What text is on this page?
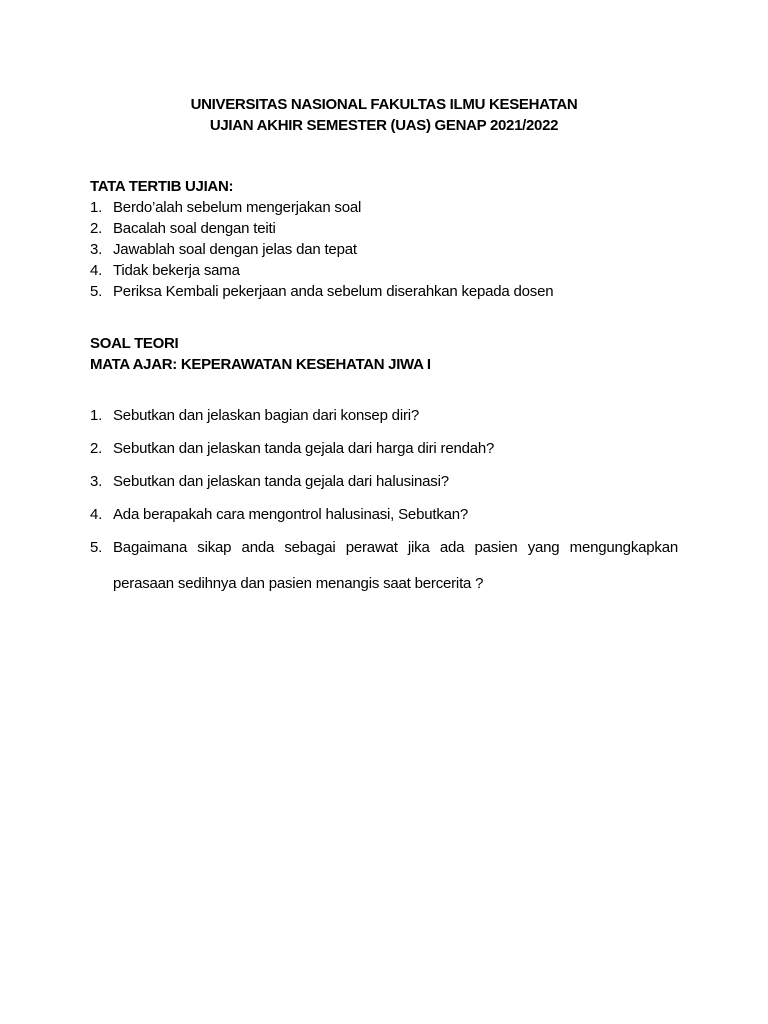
UNIVERSITAS NASIONAL FAKULTAS ILMU KESEHATAN
UJIAN AKHIR SEMESTER (UAS) GENAP 2021/2022
TATA TERTIB UJIAN:
1. Berdo’alah sebelum mengerjakan soal
2. Bacalah soal dengan teiti
3. Jawablah soal dengan jelas dan tepat
4. Tidak bekerja sama
5. Periksa Kembali pekerjaan anda sebelum diserahkan kepada dosen
SOAL TEORI
MATA AJAR: KEPERAWATAN KESEHATAN JIWA I
1. Sebutkan dan jelaskan bagian dari konsep diri?
2. Sebutkan dan jelaskan tanda gejala dari harga diri rendah?
3. Sebutkan dan jelaskan tanda gejala dari halusinasi?
4. Ada berapakah cara mengontrol halusinasi, Sebutkan?
5. Bagaimana sikap anda sebagai perawat jika ada pasien yang mengungkapkan perasaan sedihnya dan pasien menangis saat bercerita ?
